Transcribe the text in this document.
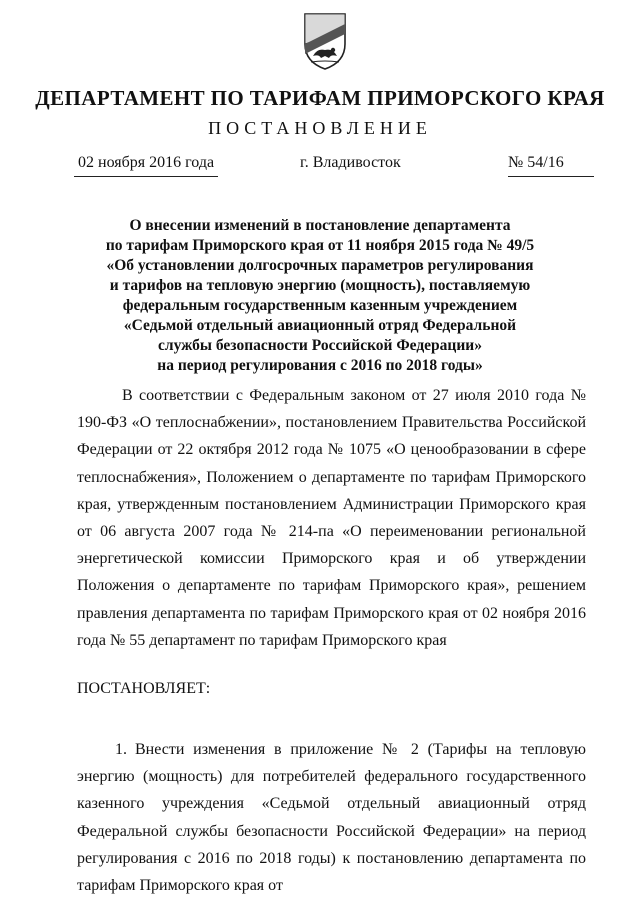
ДЕПАРТАМЕНТ ПО ТАРИФАМ ПРИМОРСКОГО КРАЯ
ПОСТАНОВЛЕНИЕ
02 ноября 2016 года	г. Владивосток	№ 54/16
О внесении изменений в постановление департамента
по тарифам Приморского края от 11 ноября 2015 года № 49/5
«Об установлении долгосрочных параметров регулирования
и тарифов на тепловую энергию (мощность), поставляемую
федеральным государственным казенным учреждением
«Седьмой отдельный авиационный отряд Федеральной
службы безопасности Российской Федерации»
на период регулирования с 2016 по 2018 годы»

В соответствии с Федеральным законом от 27 июля 2010 года № 190-ФЗ «О теплоснабжении», постановлением Правительства Российской Федерации от 22 октября 2012 года № 1075 «О ценообразовании в сфере теплоснабжения», Положением о департаменте по тарифам Приморского края, утвержденным постановлением Администрации Приморского края от 06 августа 2007 года № 214-па «О переименовании региональной энергетической комиссии Приморского края и об утверждении Положения о департаменте по тарифам Приморского края», решением правления департамента по тарифам Приморского края от 02 ноября 2016 года № 55 департамент по тарифам Приморского края

ПОСТАНОВЛЯЕТ:

1. Внести изменения в приложение № 2 (Тарифы на тепловую энергию (мощность) для потребителей федерального государственного казенного учреждения «Седьмой отдельный авиационный отряд Федеральной службы безопасности Российской Федерации» на период регулирования с 2016 по 2018 годы) к постановлению департамента по тарифам Приморского края от
